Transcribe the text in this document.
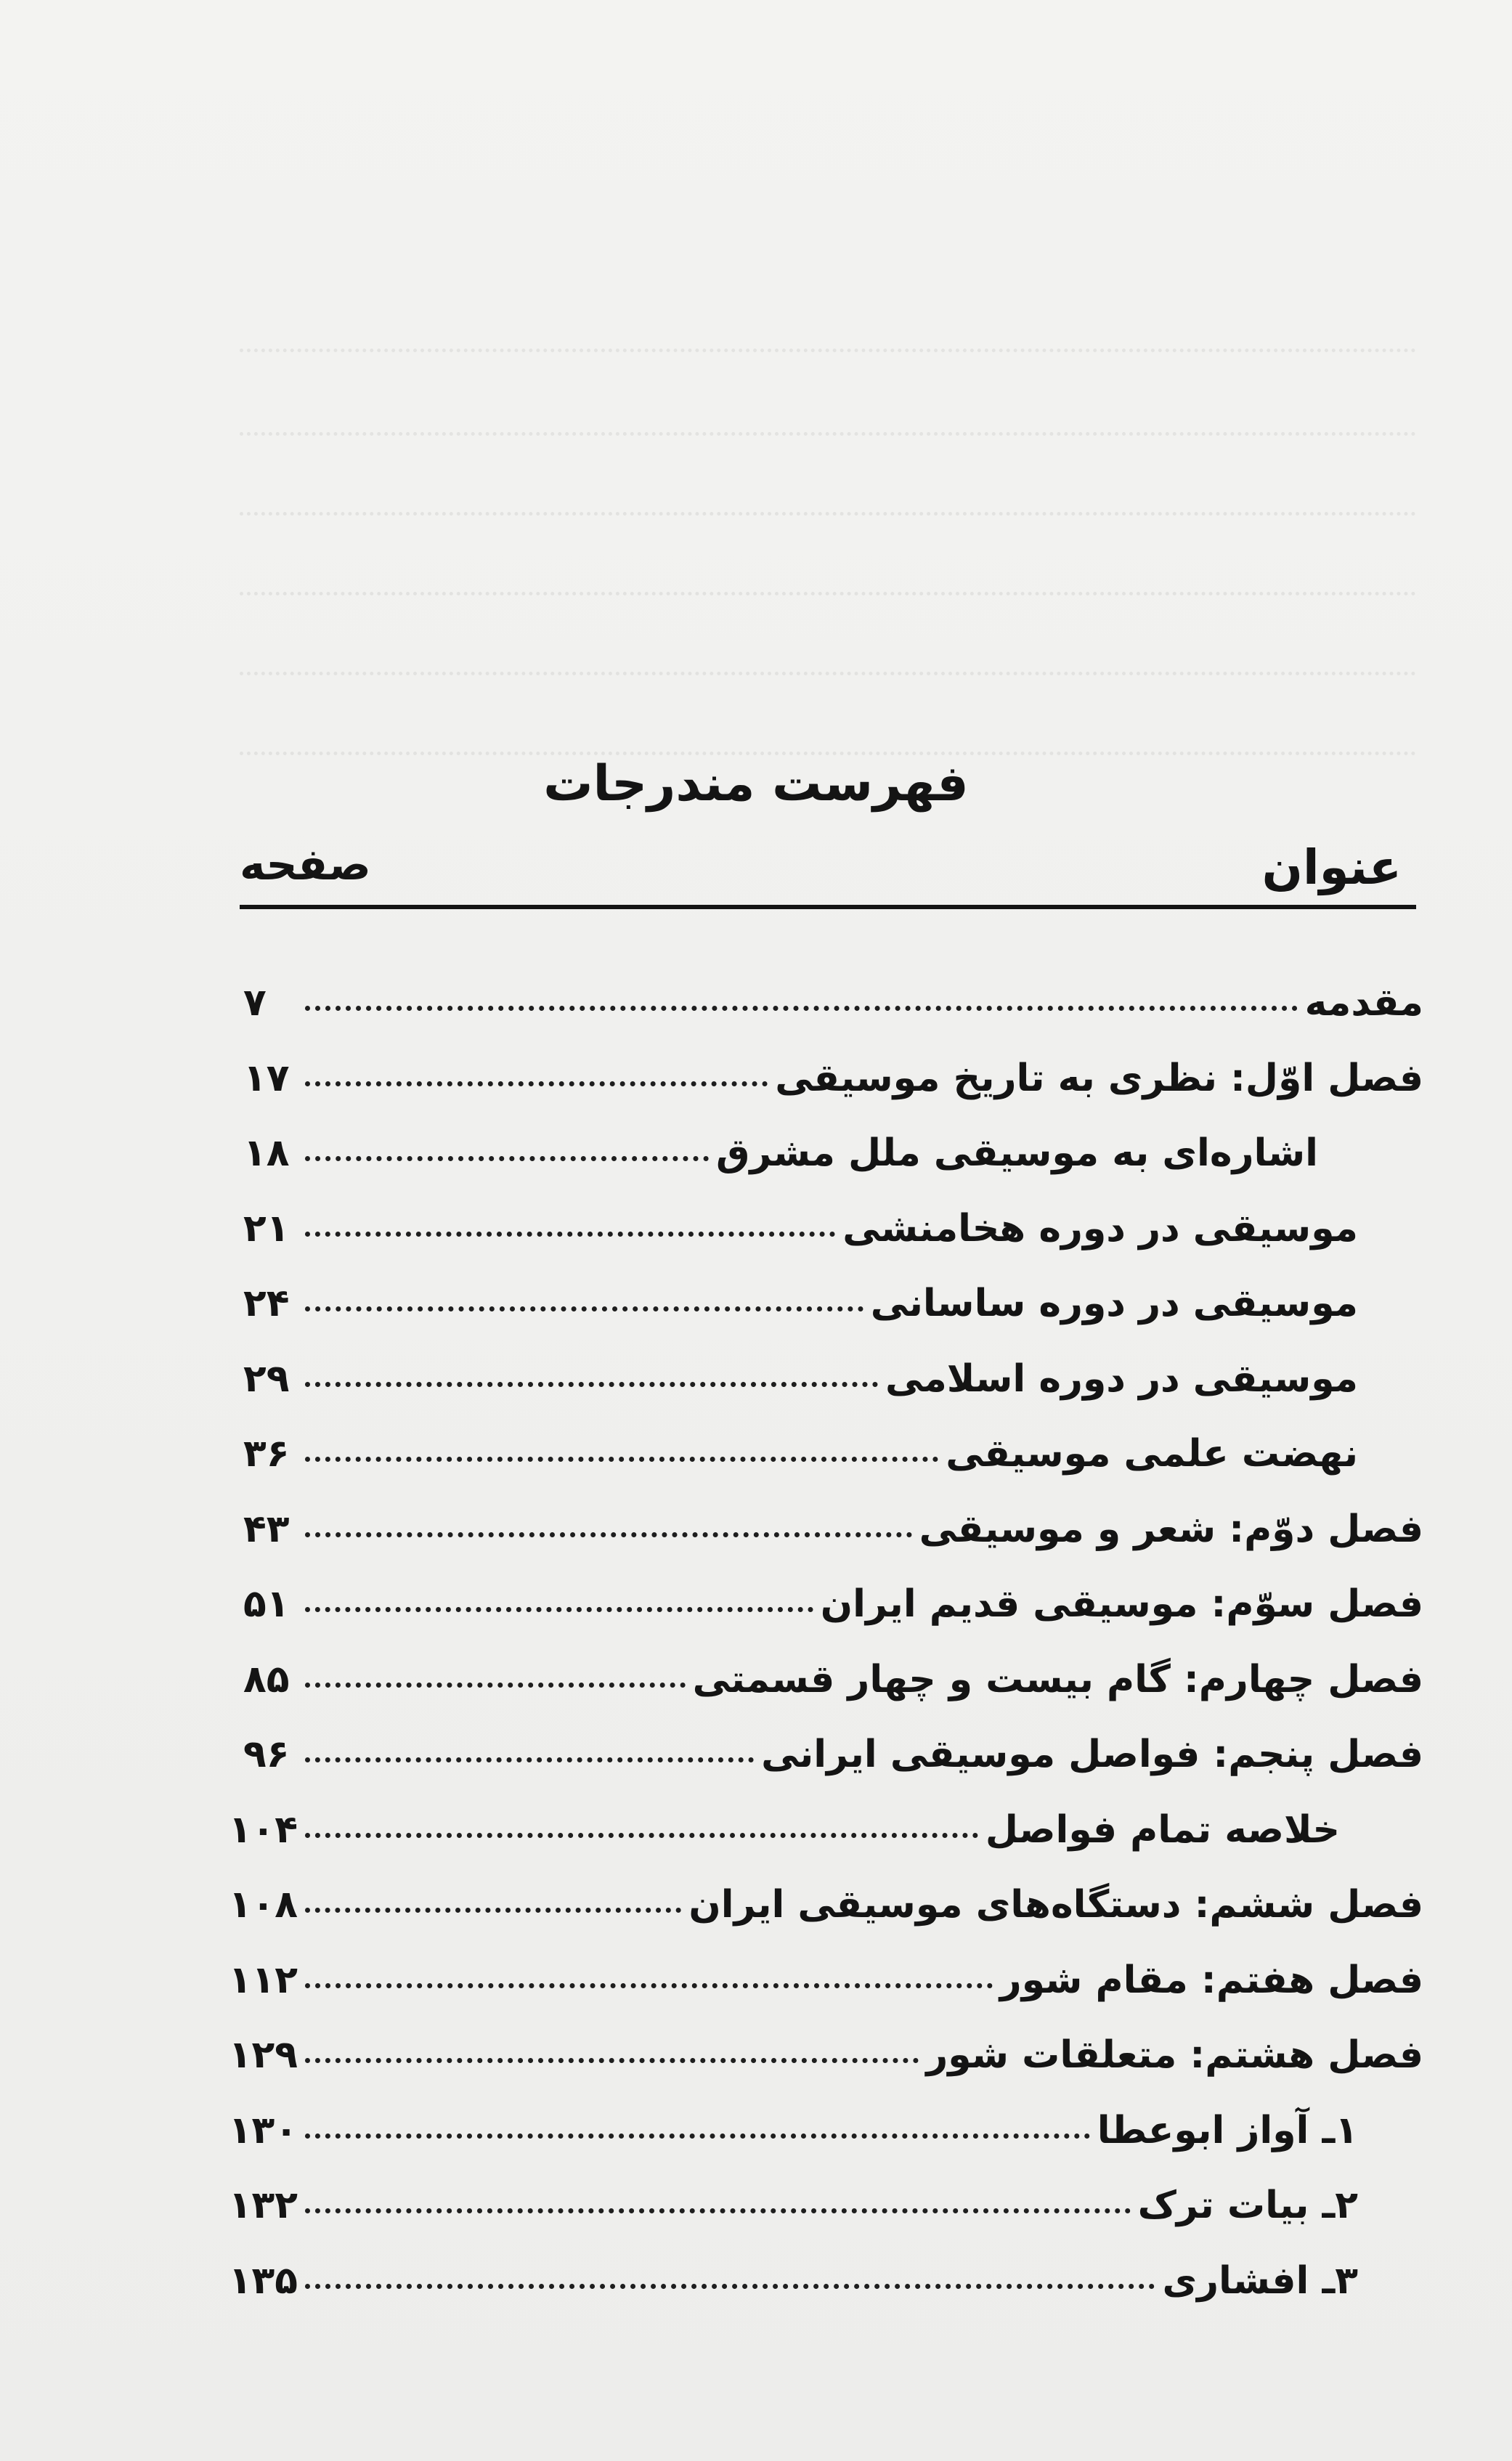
فهرست مندرجات
عنوان
صفحه
مقدمه
۷
فصل اوّل: نظری به تاریخ موسیقی
۱۷
اشاره‌ای به موسیقی ملل مشرق
۱۸
موسیقی در دوره هخامنشی
۲۱
موسیقی در دوره ساسانی
۲۴
موسیقی در دوره اسلامی
۲۹
نهضت علمی موسیقی
۳۶
فصل دوّم: شعر و موسیقی
۴۳
فصل سوّم: موسیقی قدیم ایران
۵۱
فصل چهارم: گام بیست و چهار قسمتی
۸۵
فصل پنجم: فواصل موسیقی ایرانی
۹۶
خلاصه تمام فواصل
۱۰۴
فصل ششم: دستگاه‌های موسیقی ایران
۱۰۸
فصل هفتم: مقام شور
۱۱۲
فصل هشتم: متعلقات شور
۱۲۹
۱ـ آواز ابوعطا
۱۳۰
۲ـ بیات ترک
۱۳۲
۳ـ افشاری
۱۳۵
